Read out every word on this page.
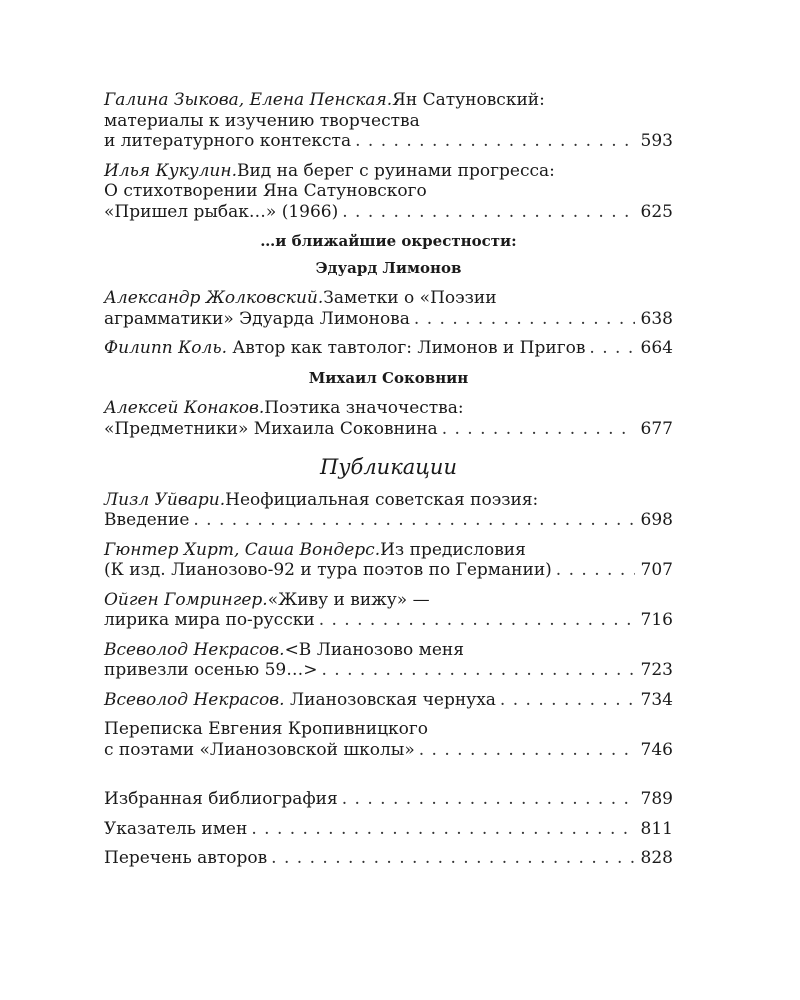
Галина Зыкова, Елена Пенская. Ян Сатуновский:
материалы к изучению творчества
и литературного контекста . . .	593
Илья Кукулин. Вид на берег с руинами прогресса:
О стихотворении Яна Сатуновского
«Пришел рыбак…» (1966) . . .	625
…и ближайшие окрестности:
Эдуард Лимонов
Александр Жолковский. Заметки о «Поэзии
аграмматики» Эдуарда Лимонова . . .	638
Филипп Коль. Автор как тавтолог: Лимонов и Пригов . . .	664
Михаил Соковнин
Алексей Конаков. Поэтика значочества:
«Предметники» Михаила Соковнина . . .	677
Публикации
Лизл Уйвари. Неофициальная советская поэзия:
Введение . . .	698
Гюнтер Хирт, Саша Вондерс. Из предисловия
(К изд. Лианозово-92 и тура поэтов по Германии) . . .	707
Ойген Гомрингер. «Живу и вижу» —
лирика мира по-русски . . .	716
Всеволод Некрасов. <В Лианозово меня
привезли осенью 59…> . . .	723
Всеволод Некрасов. Лианозовская чернуха . . .	734
Переписка Евгения Кропивницкого
с поэтами «Лианозовской школы» . . .	746
Избранная библиография . . .	789
Указатель имен . . .	811
Перечень авторов . . .	828
